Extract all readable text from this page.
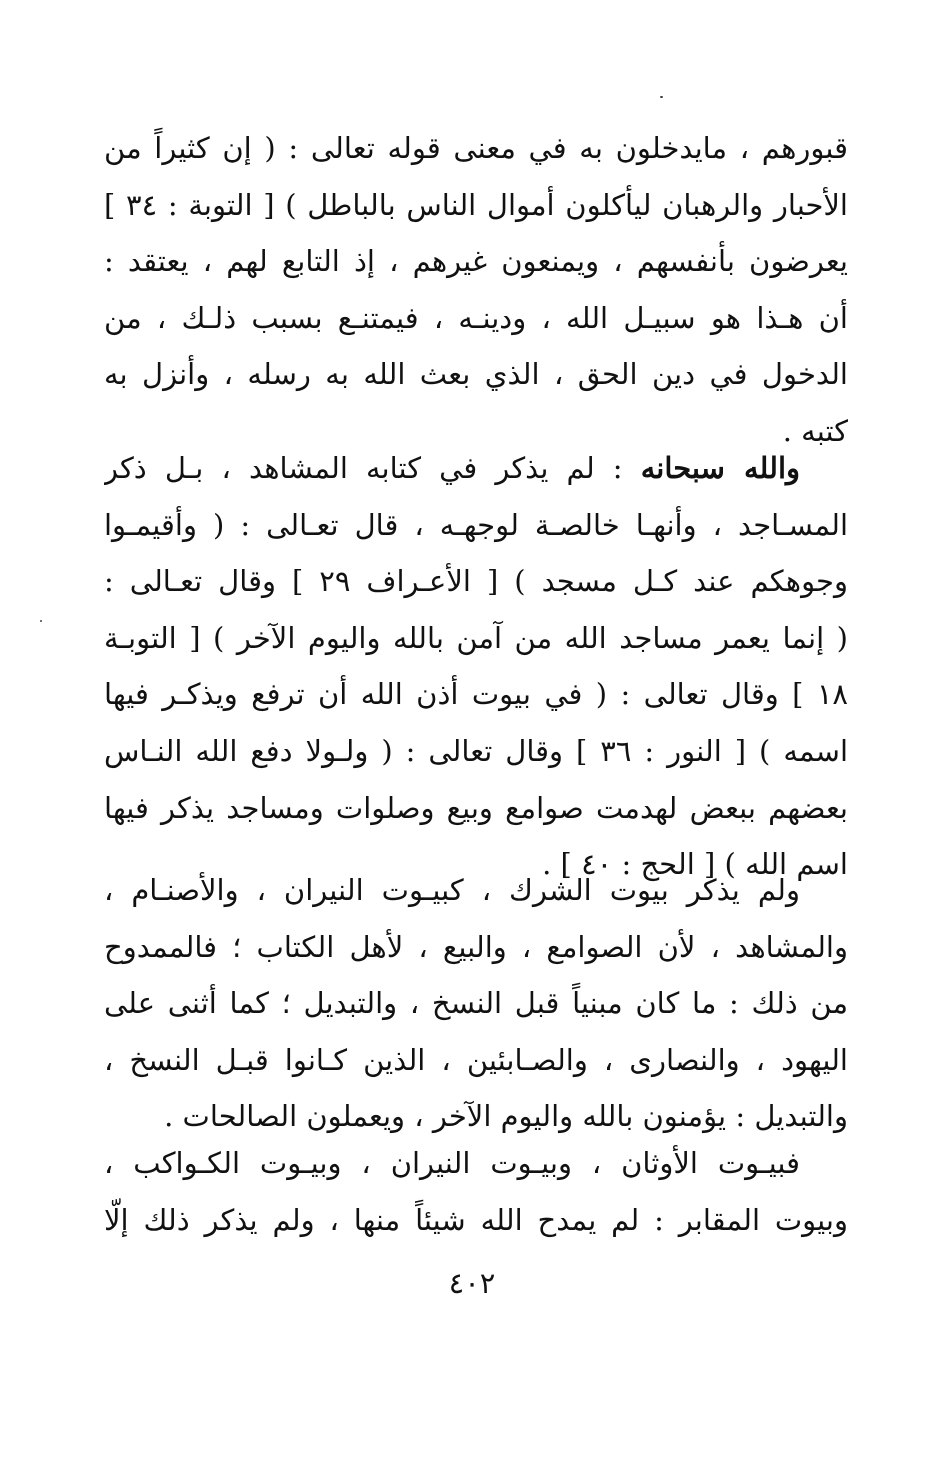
قبورهم ، مايدخلون به في معنى قوله تعالى : ( إن كثيراً من
الأحبار والرهبان ليأكلون أموال الناس بالباطل ) [ التوبة : ٣٤ ]
يعرضون بأنفسهم ، ويمنعون غيرهم ، إذ التابع لهم ، يعتقد :
أن هـذا هو سبيـل الله ، ودينـه ، فيمتنـع بسبب ذلـك ، من
الدخول في دين الحق ، الذي بعث الله به رسله ، وأنزل به
كتبه .
والله سبحانه : لم يذكر في كتابه المشاهد ، بـل ذكر
المسـاجد ، وأنهـا خالصـة لوجهـه ، قال تعـالى : ( وأقيمـوا
وجوهكم عند كـل مسجد ) [ الأعـراف ٢٩ ] وقال تعـالى :
( إنما يعمر مساجد الله من آمن بالله واليوم الآخر ) [ التوبـة
١٨ ] وقال تعالى : ( في بيوت أذن الله أن ترفع ويذكـر فيها
اسمه ) [ النور : ٣٦ ] وقال تعالى : ( ولـولا دفع الله النـاس
بعضهم ببعض لهدمت صوامع وبيع وصلوات ومساجد يذكر فيها
اسم الله ) [ الحج : ٤٠ ] .
ولم يذكر بيوت الشرك ، كبيـوت النيران ، والأصنـام ،
والمشاهد ، لأن الصوامع ، والبيع ، لأهل الكتاب ؛ فالممدوح
من ذلك : ما كان مبنياً قبل النسخ ، والتبديل ؛ كما أثنى على
اليهود ، والنصارى ، والصـابئين ، الذين كـانوا قبـل النسخ ،
والتبديل : يؤمنون بالله واليوم الآخر ، ويعملون الصالحات .
فبيـوت الأوثان ، وبيـوت النيران ، وبيـوت الكـواكب ،
وبيوت المقابر : لم يمدح الله شيئاً منها ، ولم يذكر ذلك إلّا
٤٠٢
